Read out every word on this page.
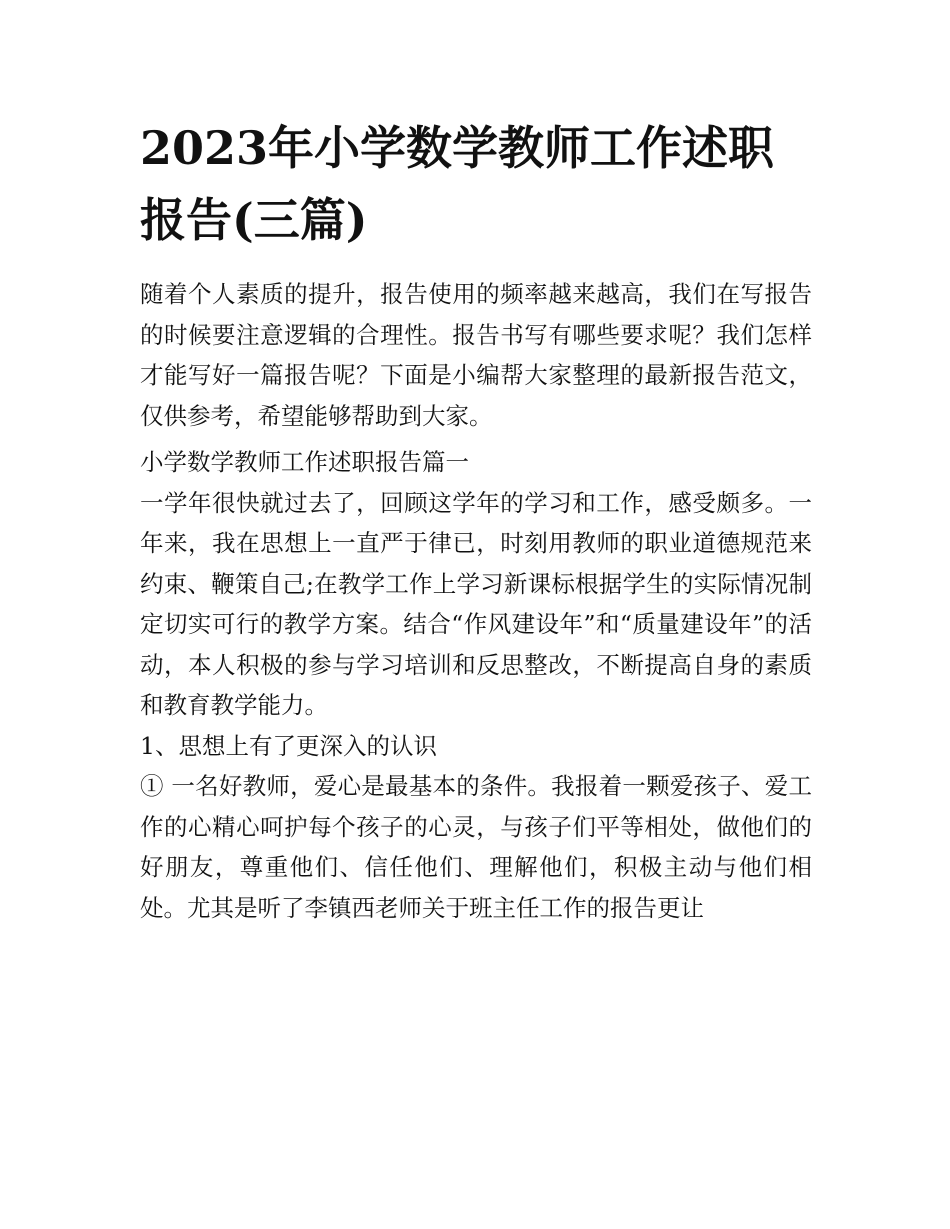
2023年小学数学教师工作述职报告(三篇)

随着个人素质的提升，报告使用的频率越来越高，我们在写报告的时候要注意逻辑的合理性。报告书写有哪些要求呢？我们怎样才能写好一篇报告呢？下面是小编帮大家整理的最新报告范文，仅供参考，希望能够帮助到大家。

小学数学教师工作述职报告篇一

一学年很快就过去了，回顾这学年的学习和工作，感受颇多。一年来，我在思想上一直严于律已，时刻用教师的职业道德规范来约束、鞭策自己;在教学工作上学习新课标根据学生的实际情况制定切实可行的教学方案。结合“作风建设年”和“质量建设年”的活动，本人积极的参与学习培训和反思整改，不断提高自身的素质和教育教学能力。

1、思想上有了更深入的认识

① 一名好教师，爱心是最基本的条件。我报着一颗爱孩子、爱工作的心精心呵护每个孩子的心灵，与孩子们平等相处，做他们的好朋友，尊重他们、信任他们、理解他们，积极主动与他们相处。尤其是听了李镇西老师关于班主任工作的报告更让
